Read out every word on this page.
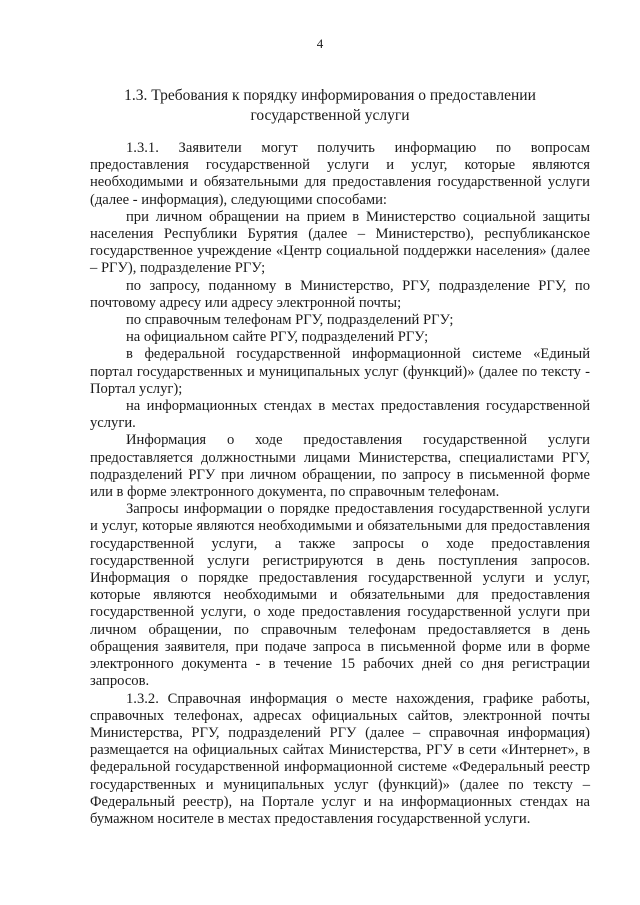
4
1.3. Требования к порядку информирования о предоставлении
государственной услуги

1.3.1. Заявители могут получить информацию по вопросам предоставления государственной услуги и услуг, которые являются необходимыми и обязательными для предоставления государственной услуги (далее - информация), следующими способами:

при личном обращении на прием в Министерство социальной защиты населения Республики Бурятия (далее – Министерство), республиканское государственное учреждение «Центр социальной поддержки населения» (далее – РГУ), подразделение РГУ;

по запросу, поданному в Министерство, РГУ, подразделение РГУ, по почтовому адресу или адресу электронной почты;

по справочным телефонам РГУ, подразделений РГУ;

на официальном сайте РГУ, подразделений РГУ;

в федеральной государственной информационной системе «Единый портал государственных и муниципальных услуг (функций)» (далее по тексту - Портал услуг);

на информационных стендах в местах предоставления государственной услуги.

Информация о ходе предоставления государственной услуги предоставляется должностными лицами Министерства, специалистами РГУ, подразделений РГУ при личном обращении, по запросу в письменной форме или в форме электронного документа, по справочным телефонам.

Запросы информации о порядке предоставления государственной услуги и услуг, которые являются необходимыми и обязательными для предоставления государственной услуги, а также запросы о ходе предоставления государственной услуги регистрируются в день поступления запросов. Информация о порядке предоставления государственной услуги и услуг, которые являются необходимыми и обязательными для предоставления государственной услуги, о ходе предоставления государственной услуги при личном обращении, по справочным телефонам предоставляется в день обращения заявителя, при подаче запроса в письменной форме или в форме электронного документа - в течение 15 рабочих дней со дня регистрации запросов.

1.3.2. Справочная информация о месте нахождения, графике работы, справочных телефонах, адресах официальных сайтов, электронной почты Министерства, РГУ, подразделений РГУ (далее – справочная информация) размещается на официальных сайтах Министерства, РГУ в сети «Интернет», в федеральной государственной информационной системе «Федеральный реестр государственных и муниципальных услуг (функций)» (далее по тексту – Федеральный реестр), на Портале услуг и на информационных стендах на бумажном носителе в местах предоставления государственной услуги.
